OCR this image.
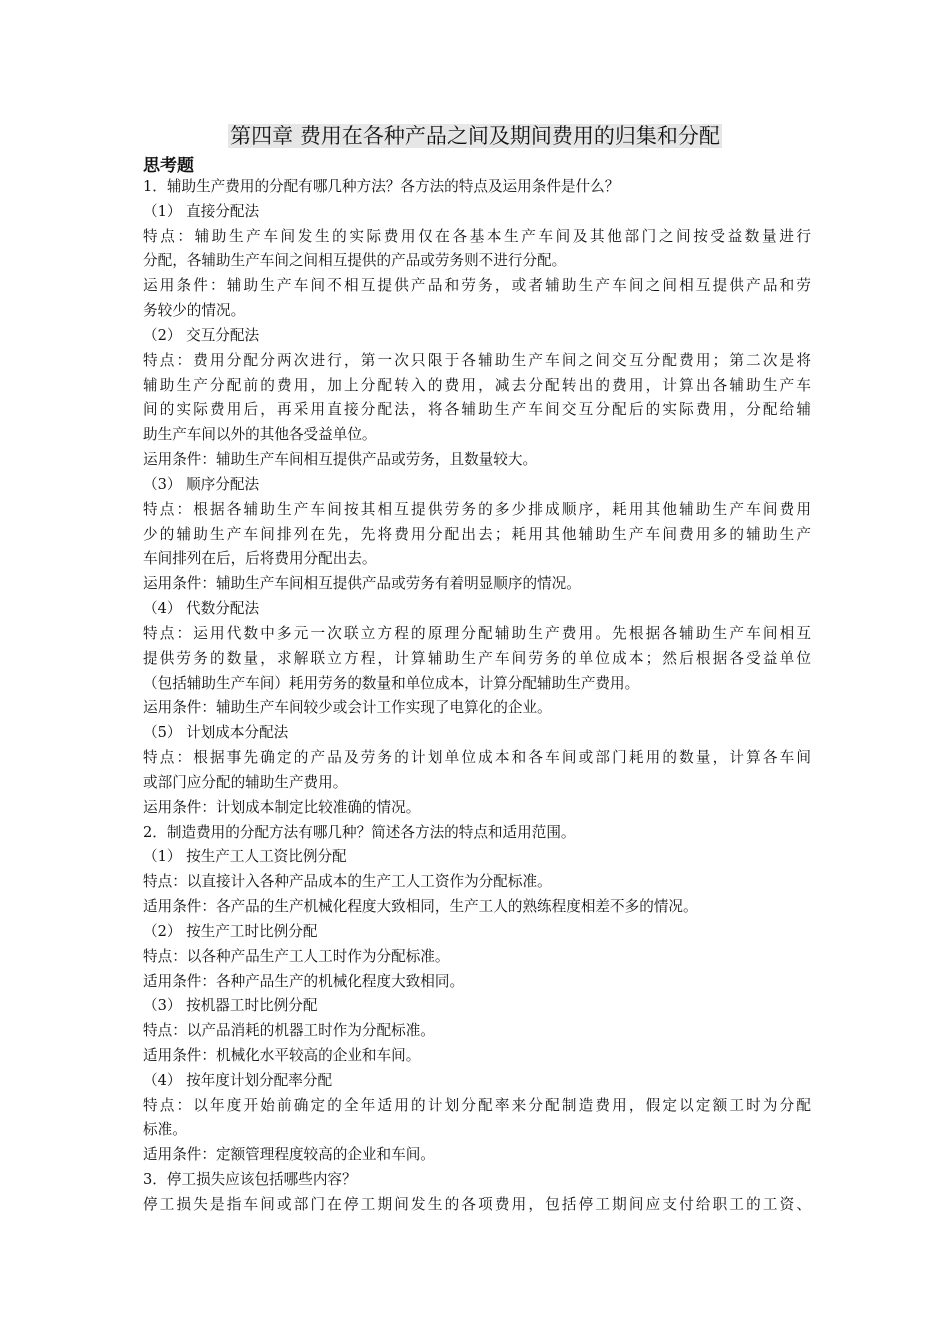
第四章 费用在各种产品之间及期间费用的归集和分配
思考题
1．辅助生产费用的分配有哪几种方法？各方法的特点及运用条件是什么？
（1） 直接分配法
特点：辅助生产车间发生的实际费用仅在各基本生产车间及其他部门之间按受益数量进行
分配，各辅助生产车间之间相互提供的产品或劳务则不进行分配。
运用条件：辅助生产车间不相互提供产品和劳务，或者辅助生产车间之间相互提供产品和劳
务较少的情况。
（2） 交互分配法
特点：费用分配分两次进行，第一次只限于各辅助生产车间之间交互分配费用；第二次是将
辅助生产分配前的费用，加上分配转入的费用，减去分配转出的费用，计算出各辅助生产车
间的实际费用后，再采用直接分配法，将各辅助生产车间交互分配后的实际费用，分配给辅
助生产车间以外的其他各受益单位。
运用条件：辅助生产车间相互提供产品或劳务，且数量较大。
（3） 顺序分配法
特点：根据各辅助生产车间按其相互提供劳务的多少排成顺序，耗用其他辅助生产车间费用
少的辅助生产车间排列在先，先将费用分配出去；耗用其他辅助生产车间费用多的辅助生产
车间排列在后，后将费用分配出去。
运用条件：辅助生产车间相互提供产品或劳务有着明显顺序的情况。
（4） 代数分配法
特点：运用代数中多元一次联立方程的原理分配辅助生产费用。先根据各辅助生产车间相互
提供劳务的数量，求解联立方程，计算辅助生产车间劳务的单位成本；然后根据各受益单位
（包括辅助生产车间）耗用劳务的数量和单位成本，计算分配辅助生产费用。
运用条件：辅助生产车间较少或会计工作实现了电算化的企业。
（5） 计划成本分配法
特点：根据事先确定的产品及劳务的计划单位成本和各车间或部门耗用的数量，计算各车间
或部门应分配的辅助生产费用。
运用条件：计划成本制定比较准确的情况。
2．制造费用的分配方法有哪几种？简述各方法的特点和适用范围。
（1） 按生产工人工资比例分配
特点：以直接计入各种产品成本的生产工人工资作为分配标准。
适用条件：各产品的生产机械化程度大致相同，生产工人的熟练程度相差不多的情况。
（2） 按生产工时比例分配
特点：以各种产品生产工人工时作为分配标准。
适用条件：各种产品生产的机械化程度大致相同。
（3） 按机器工时比例分配
特点：以产品消耗的机器工时作为分配标准。
适用条件：机械化水平较高的企业和车间。
（4） 按年度计划分配率分配
特点：以年度开始前确定的全年适用的计划分配率来分配制造费用，假定以定额工时为分配
标准。
适用条件：定额管理程度较高的企业和车间。
3．停工损失应该包括哪些内容？
停工损失是指车间或部门在停工期间发生的各项费用，包括停工期间应支付给职工的工资、
